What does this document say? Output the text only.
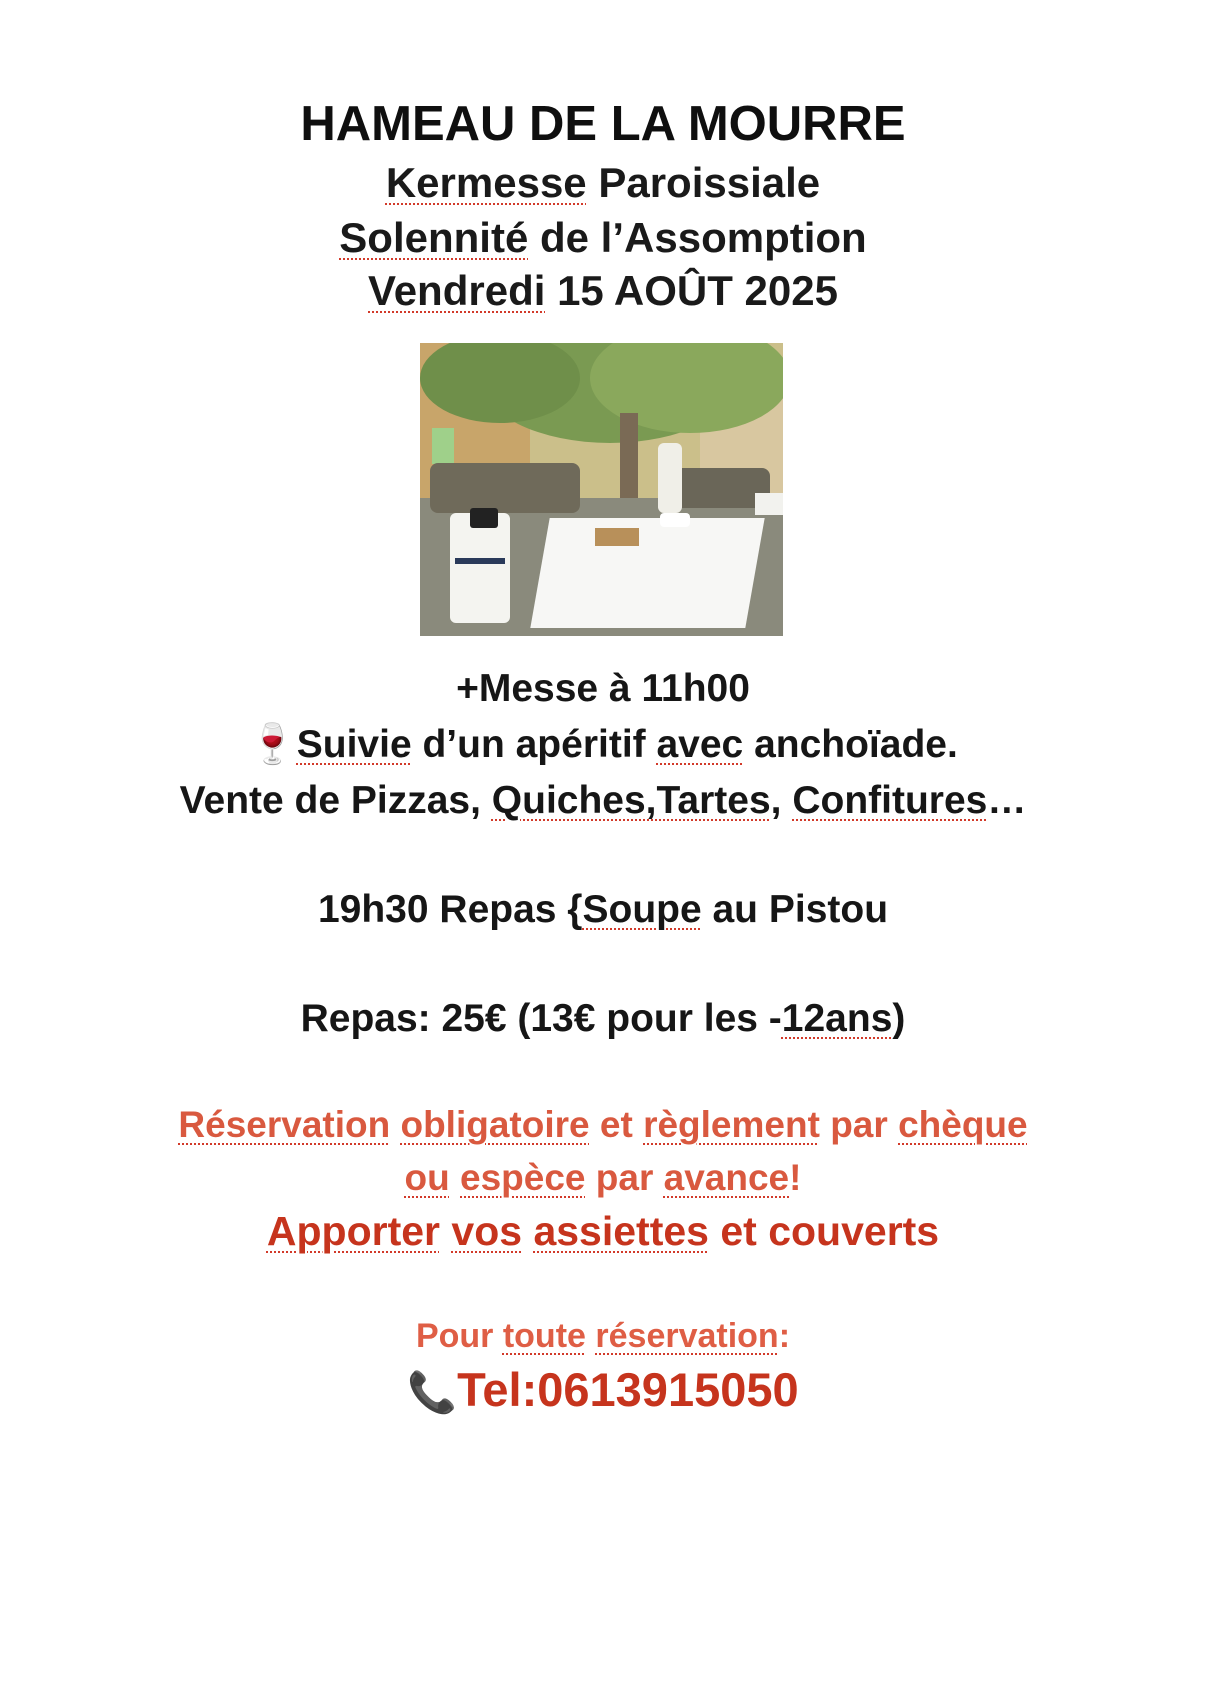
HAMEAU DE LA MOURRE
Kermesse Paroissiale
Solennité de l’Assomption
Vendredi 15 AOÛT 2025
+Messe à 11h00
🍷Suivie d’un apéritif avec anchoïade.
Vente de Pizzas, Quiches,Tartes, Confitures…
19h30 Repas {Soupe au Pistou
Repas: 25€ (13€ pour les -12ans)
Réservation obligatoire et règlement par chèque
ou espèce par avance!
Apporter vos assiettes et couverts
Pour toute réservation:
📞Tel:0613915050
